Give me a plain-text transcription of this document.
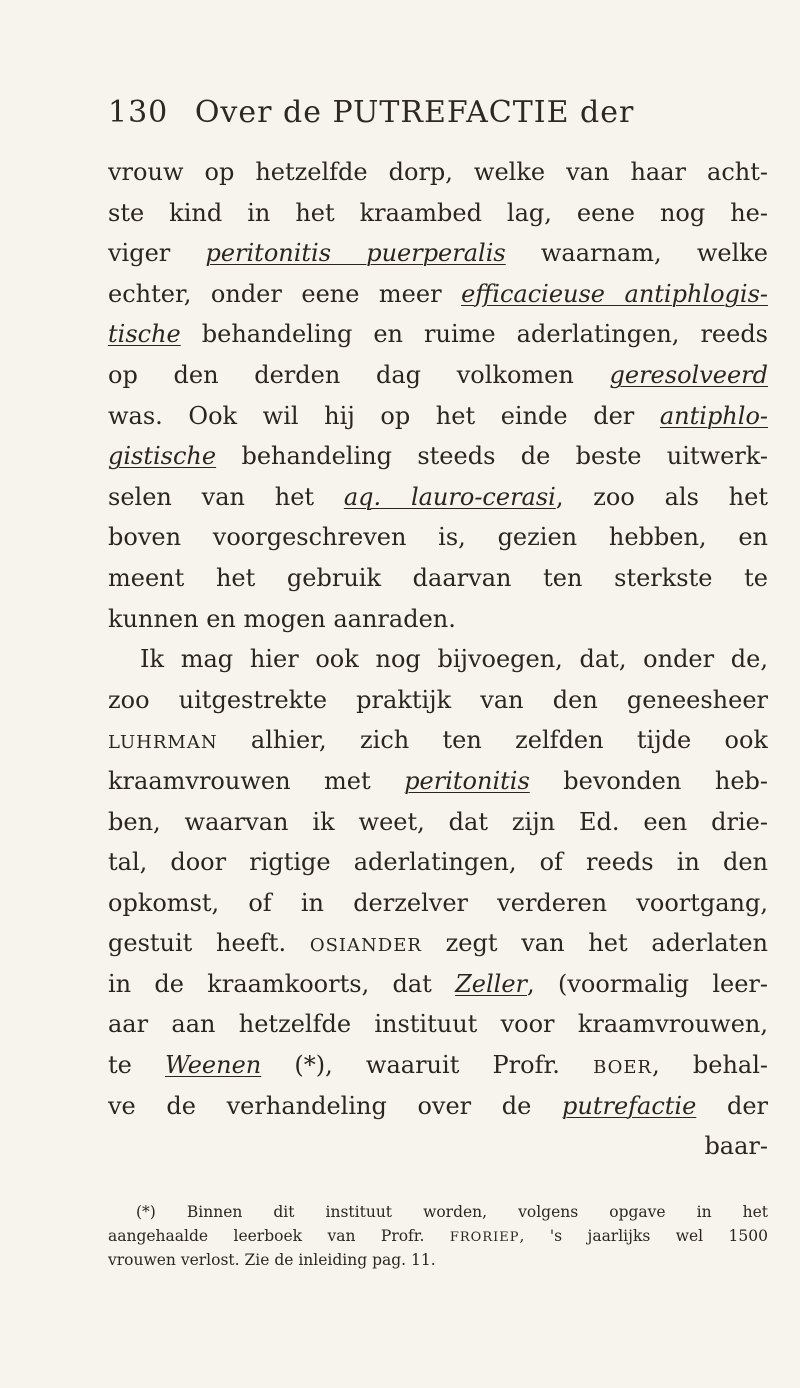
130 Over de PUTREFACTIE der
vrouw op hetzelfde dorp, welke van haar acht-
ste kind in het kraambed lag, eene nog he-
viger peritonitis puerperalis waarnam, welke
echter, onder eene meer efficacieuse antiphlogis-
tische behandeling en ruime aderlatingen, reeds
op den derden dag volkomen geresolveerd
was. Ook wil hij op het einde der antiphlo-
gistische behandeling steeds de beste uitwerk-
selen van het aq. lauro-cerasi, zoo als het
boven voorgeschreven is, gezien hebben, en
meent het gebruik daarvan ten sterkste te
kunnen en mogen aanraden.
Ik mag hier ook nog bijvoegen, dat, onder de,
zoo uitgestrekte praktijk van den geneesheer
LUHRMAN alhier, zich ten zelfden tijde ook
kraamvrouwen met peritonitis bevonden heb-
ben, waarvan ik weet, dat zijn Ed. een drie-
tal, door rigtige aderlatingen, of reeds in den
opkomst, of in derzelver verderen voortgang,
gestuit heeft. OSIANDER zegt van het aderlaten
in de kraamkoorts, dat Zeller, (voormalig leer-
aar aan hetzelfde instituut voor kraamvrouwen,
te Weenen (*), waaruit Profr. BOER, behal-
ve de verhandeling over de putrefactie der
baar-
(*) Binnen dit instituut worden, volgens opgave in het
aangehaalde leerboek van Profr. FRORIEP, 's jaarlijks wel 1500
vrouwen verlost. Zie de inleiding pag. 11.
